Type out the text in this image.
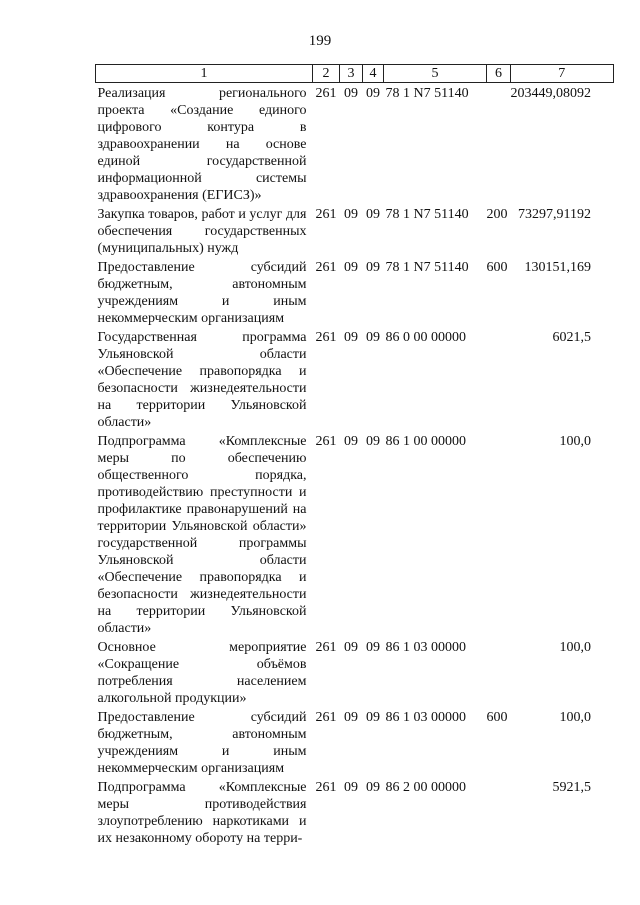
199
1	2	3	4	5	6	7
Реализация регионального проекта «Создание единого цифрового контура в здравоохранении на основе единой государственной информационной системы здравоохранения (ЕГИСЗ)»	261	09	09	78 1 N7 51140		203449,08092
Закупка товаров, работ и услуг для обеспечения государственных (муниципальных) нужд	261	09	09	78 1 N7 51140	200	73297,91192
Предоставление субсидий бюджетным, автономным учреждениям и иным некоммерческим организациям	261	09	09	78 1 N7 51140	600	130151,169
Государственная программа Ульяновской области «Обеспечение правопорядка и безопасности жизнедеятельности на территории Ульяновской области»	261	09	09	86 0 00 00000		6021,5
Подпрограмма «Комплексные меры по обеспечению общественного порядка, противодействию преступности и профилактике правонарушений на территории Ульяновской области» государственной программы Ульяновской области «Обеспечение правопорядка и безопасности жизнедеятельности на территории Ульяновской области»	261	09	09	86 1 00 00000		100,0
Основное мероприятие «Сокращение объёмов потребления населением алкогольной продукции»	261	09	09	86 1 03 00000		100,0
Предоставление субсидий бюджетным, автономным учреждениям и иным некоммерческим организациям	261	09	09	86 1 03 00000	600	100,0
Подпрограмма «Комплексные меры противодействия злоупотреблению наркотиками и их незаконному обороту на терри-	261	09	09	86 2 00 00000		5921,5
